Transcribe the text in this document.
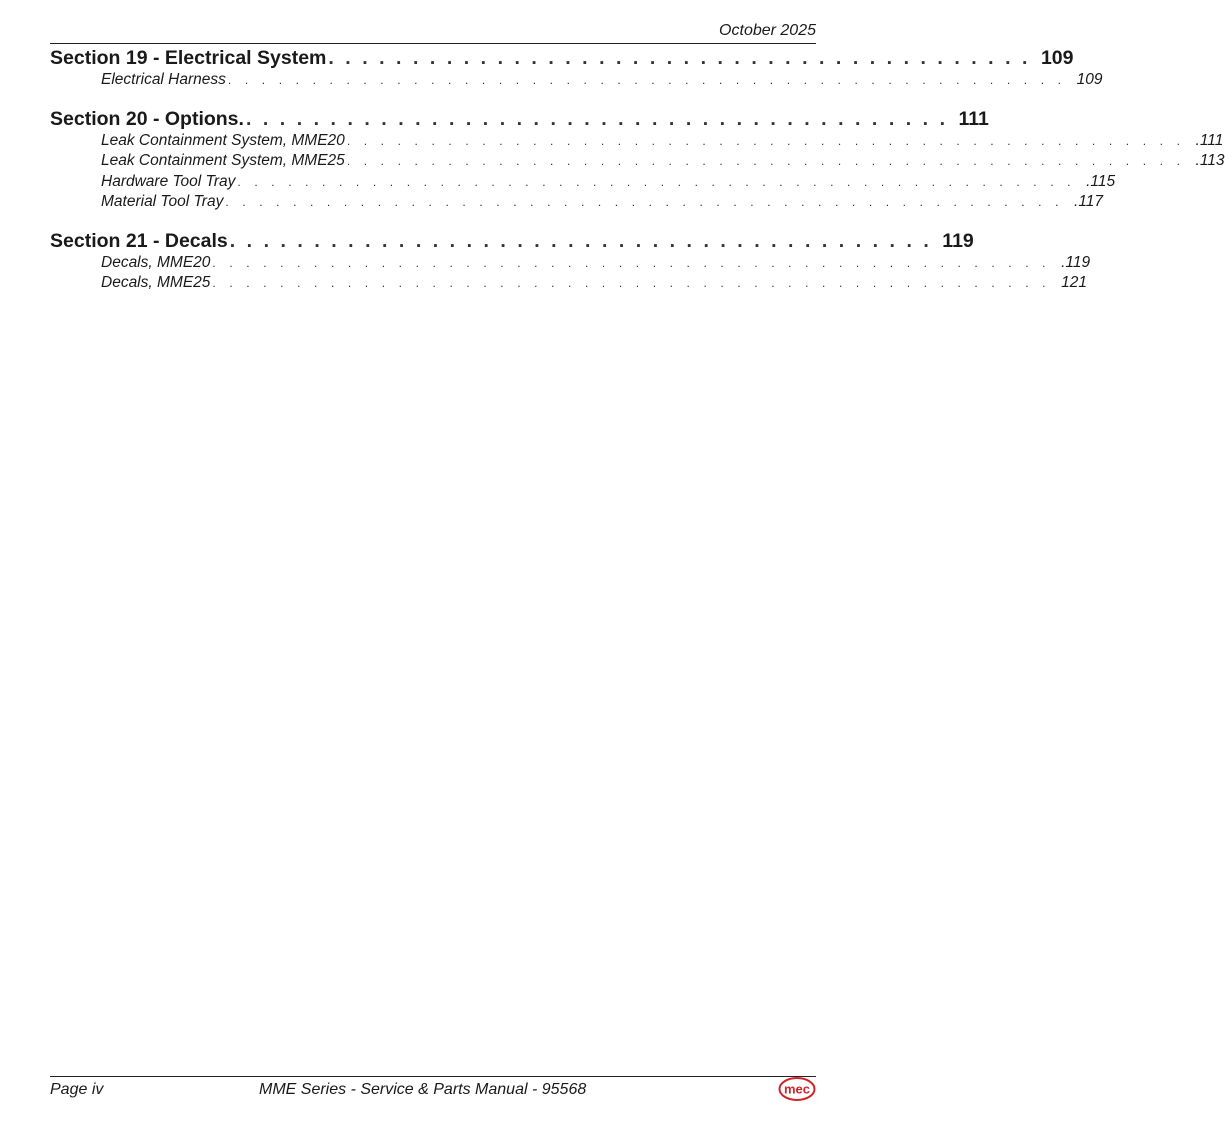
October 2025
Section 19 - Electrical System .......................................... 109
Electrical Harness .................................................. 109
Section 20 - Options. .......................................... 111
Leak Containment System, MME20 .................................................. .111
Leak Containment System, MME25 .................................................. .113
Hardware Tool Tray .................................................. .115
Material Tool Tray .................................................. .117
Section 21 - Decals .......................................... 119
Decals, MME20 .................................................. .119
Decals, MME25 .................................................. 121
Page iv	MME Series - Service & Parts Manual - 95568	mec
